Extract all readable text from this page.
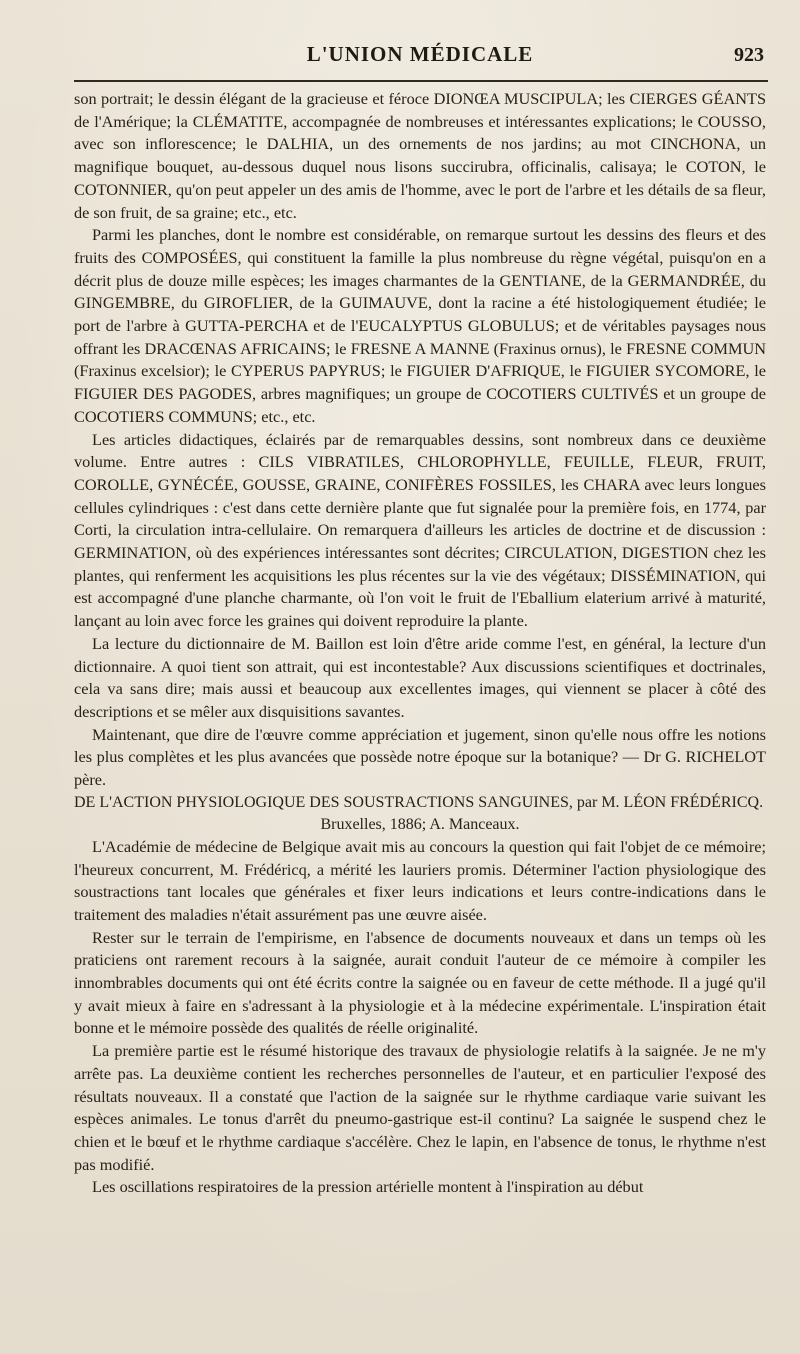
L'UNION MÉDICALE	923

son portrait; le dessin élégant de la gracieuse et féroce DIONŒA MUSCIPULA; les CIERGES GÉANTS de l'Amérique; la CLÉMATITE, accompagnée de nombreuses et intéressantes explications; le COUSSO, avec son inflorescence; le DALHIA, un des ornements de nos jardins; au mot CINCHONA, un magnifique bouquet, au-dessous duquel nous lisons succirubra, officinalis, calisaya; le COTON, le COTONNIER, qu'on peut appeler un des amis de l'homme, avec le port de l'arbre et les détails de sa fleur, de son fruit, de sa graine; etc., etc.

Parmi les planches, dont le nombre est considérable, on remarque surtout les dessins des fleurs et des fruits des COMPOSÉES, qui constituent la famille la plus nombreuse du règne végétal, puisqu'on en a décrit plus de douze mille espèces; les images charmantes de la GENTIANE, de la GERMANDRÉE, du GINGEMBRE, du GIROFLIER, de la GUIMAUVE, dont la racine a été histologiquement étudiée; le port de l'arbre à GUTTA-PERCHA et de l'EUCALYPTUS GLOBULUS; et de véritables paysages nous offrant les DRACŒNAS AFRICAINS; le FRESNE A MANNE (Fraxinus ornus), le FRESNE COMMUN (Fraxinus excelsior); le CYPERUS PAPYRUS; le FIGUIER D'AFRIQUE, le FIGUIER SYCOMORE, le FIGUIER DES PAGODES, arbres magnifiques; un groupe de COCOTIERS CULTIVÉS et un groupe de COCOTIERS COMMUNS; etc., etc.

Les articles didactiques, éclairés par de remarquables dessins, sont nombreux dans ce deuxième volume. Entre autres : CILS VIBRATILES, CHLOROPHYLLE, FEUILLE, FLEUR, FRUIT, COROLLE, GYNÉCÉE, GOUSSE, GRAINE, CONIFÈRES FOSSILES, les CHARA avec leurs longues cellules cylindriques : c'est dans cette dernière plante que fut signalée pour la première fois, en 1774, par Corti, la circulation intra-cellulaire. On remarquera d'ailleurs les articles de doctrine et de discussion : GERMINATION, où des expériences intéressantes sont décrites; CIRCULATION, DIGESTION chez les plantes, qui renferment les acquisitions les plus récentes sur la vie des végétaux; DISSÉMINATION, qui est accompagné d'une planche charmante, où l'on voit le fruit de l'Eballium elaterium arrivé à maturité, lançant au loin avec force les graines qui doivent reproduire la plante.

La lecture du dictionnaire de M. Baillon est loin d'être aride comme l'est, en général, la lecture d'un dictionnaire. A quoi tient son attrait, qui est incontestable? Aux discussions scientifiques et doctrinales, cela va sans dire; mais aussi et beaucoup aux excellentes images, qui viennent se placer à côté des descriptions et se mêler aux disquisitions savantes.

Maintenant, que dire de l'œuvre comme appréciation et jugement, sinon qu'elle nous offre les notions les plus complètes et les plus avancées que possède notre époque sur la botanique? — Dr G. RICHELOT père.

DE L'ACTION PHYSIOLOGIQUE DES SOUSTRACTIONS SANGUINES, par M. LÉON FRÉDÉRICQ.

Bruxelles, 1886; A. Manceaux.

L'Académie de médecine de Belgique avait mis au concours la question qui fait l'objet de ce mémoire; l'heureux concurrent, M. Frédéricq, a mérité les lauriers promis. Déterminer l'action physiologique des soustractions tant locales que générales et fixer leurs indications et leurs contre-indications dans le traitement des maladies n'était assurément pas une œuvre aisée.

Rester sur le terrain de l'empirisme, en l'absence de documents nouveaux et dans un temps où les praticiens ont rarement recours à la saignée, aurait conduit l'auteur de ce mémoire à compiler les innombrables documents qui ont été écrits contre la saignée ou en faveur de cette méthode. Il a jugé qu'il y avait mieux à faire en s'adressant à la physiologie et à la médecine expérimentale. L'inspiration était bonne et le mémoire possède des qualités de réelle originalité.

La première partie est le résumé historique des travaux de physiologie relatifs à la saignée. Je ne m'y arrête pas. La deuxième contient les recherches personnelles de l'auteur, et en particulier l'exposé des résultats nouveaux. Il a constaté que l'action de la saignée sur le rhythme cardiaque varie suivant les espèces animales. Le tonus d'arrêt du pneumo-gastrique est-il continu? La saignée le suspend chez le chien et le bœuf et le rhythme cardiaque s'accélère. Chez le lapin, en l'absence de tonus, le rhythme n'est pas modifié.

Les oscillations respiratoires de la pression artérielle montent à l'inspiration au début
